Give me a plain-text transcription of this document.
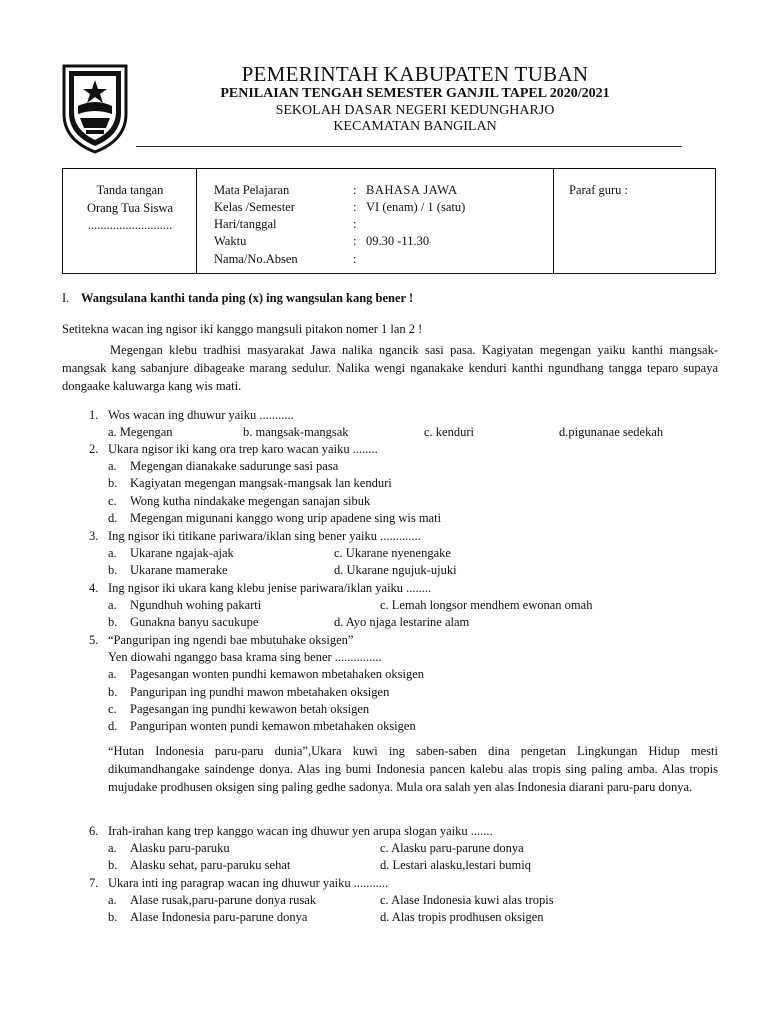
PEMERINTAH KABUPATEN TUBAN
PENILAIAN TENGAH SEMESTER GANJIL TAPEL 2020/2021
SEKOLAH DASAR NEGERI KEDUNGHARJO
KECAMATAN BANGILAN
Tanda tangan
Orang Tua Siswa
...........................
Mata Pelajaran	: BAHASA JAWA
Kelas /Semester	: VI (enam) / 1 (satu)
Hari/tanggal	:
Waktu	: 09.30 -11.30
Nama/No.Absen	:
Paraf guru :
I. Wangsulana kanthi tanda ping (x) ing wangsulan kang bener !
Setitekna wacan ing ngisor iki kanggo mangsuli pitakon nomer 1 lan 2 !
Megengan klebu tradhisi masyarakat Jawa nalika ngancik sasi pasa. Kagiyatan megengan yaiku kanthi mangsak-mangsak kang sabanjure dibageake marang sedulur. Nalika wengi nganakake kenduri kanthi ngundhang tangga teparo supaya dongaake kaluwarga kang wis mati.
1. Wos wacan ing dhuwur yaiku ...........
a. Megengan	b. mangsak-mangsak	c. kenduri	d.pigunanae sedekah
2. Ukara ngisor iki kang ora trep karo wacan yaiku ........
a. Megengan dianakake sadurunge sasi pasa
b. Kagiyatan megengan mangsak-mangsak lan kenduri
c. Wong kutha nindakake megengan sanajan sibuk
d. Megengan migunani kanggo wong urip apadene sing wis mati
3. Ing ngisor iki titikane pariwara/iklan sing bener yaiku .............
a. Ukarane ngajak-ajak	c. Ukarane nyenengake
b. Ukarane mamerake	d. Ukarane ngujuk-ujuki
4. Ing ngisor iki ukara kang klebu jenise pariwara/iklan yaiku ........
a. Ngundhuh wohing pakarti	c. Lemah longsor mendhem ewonan omah
b. Gunakna banyu sacukupe	d. Ayo njaga lestarine alam
5. “Panguripan ing ngendi bae mbutuhake oksigen”
Yen diowahi nganggo basa krama sing bener ...............
a. Pagesangan wonten pundhi kemawon mbetahaken oksigen
b. Panguripan ing pundhi mawon mbetahaken oksigen
c. Pagesangan ing pundhi kewawon betah oksigen
d. Panguripan wonten pundi kemawon mbetahaken oksigen
“Hutan Indonesia paru-paru dunia”,Ukara kuwi ing saben-saben dina pengetan Lingkungan Hidup mesti dikumandhangake saindenge donya. Alas ing bumi Indonesia pancen kalebu alas tropis sing paling amba. Alas tropis mujudake prodhusen oksigen sing paling gedhe sadonya. Mula ora salah yen alas Indonesia diarani paru-paru donya.
6. Irah-irahan kang trep kanggo wacan ing dhuwur yen arupa slogan yaiku .......
a. Alasku paru-paruku	c. Alasku paru-parune donya
b. Alasku sehat, paru-paruku sehat	d. Lestari alasku,lestari bumiq
7. Ukara inti ing paragrap wacan ing dhuwur yaiku ...........
a. Alase rusak,paru-parune donya rusak	c. Alase Indonesia kuwi alas tropis
b. Alase Indonesia paru-parune donya	d. Alas tropis prodhusen oksigen
